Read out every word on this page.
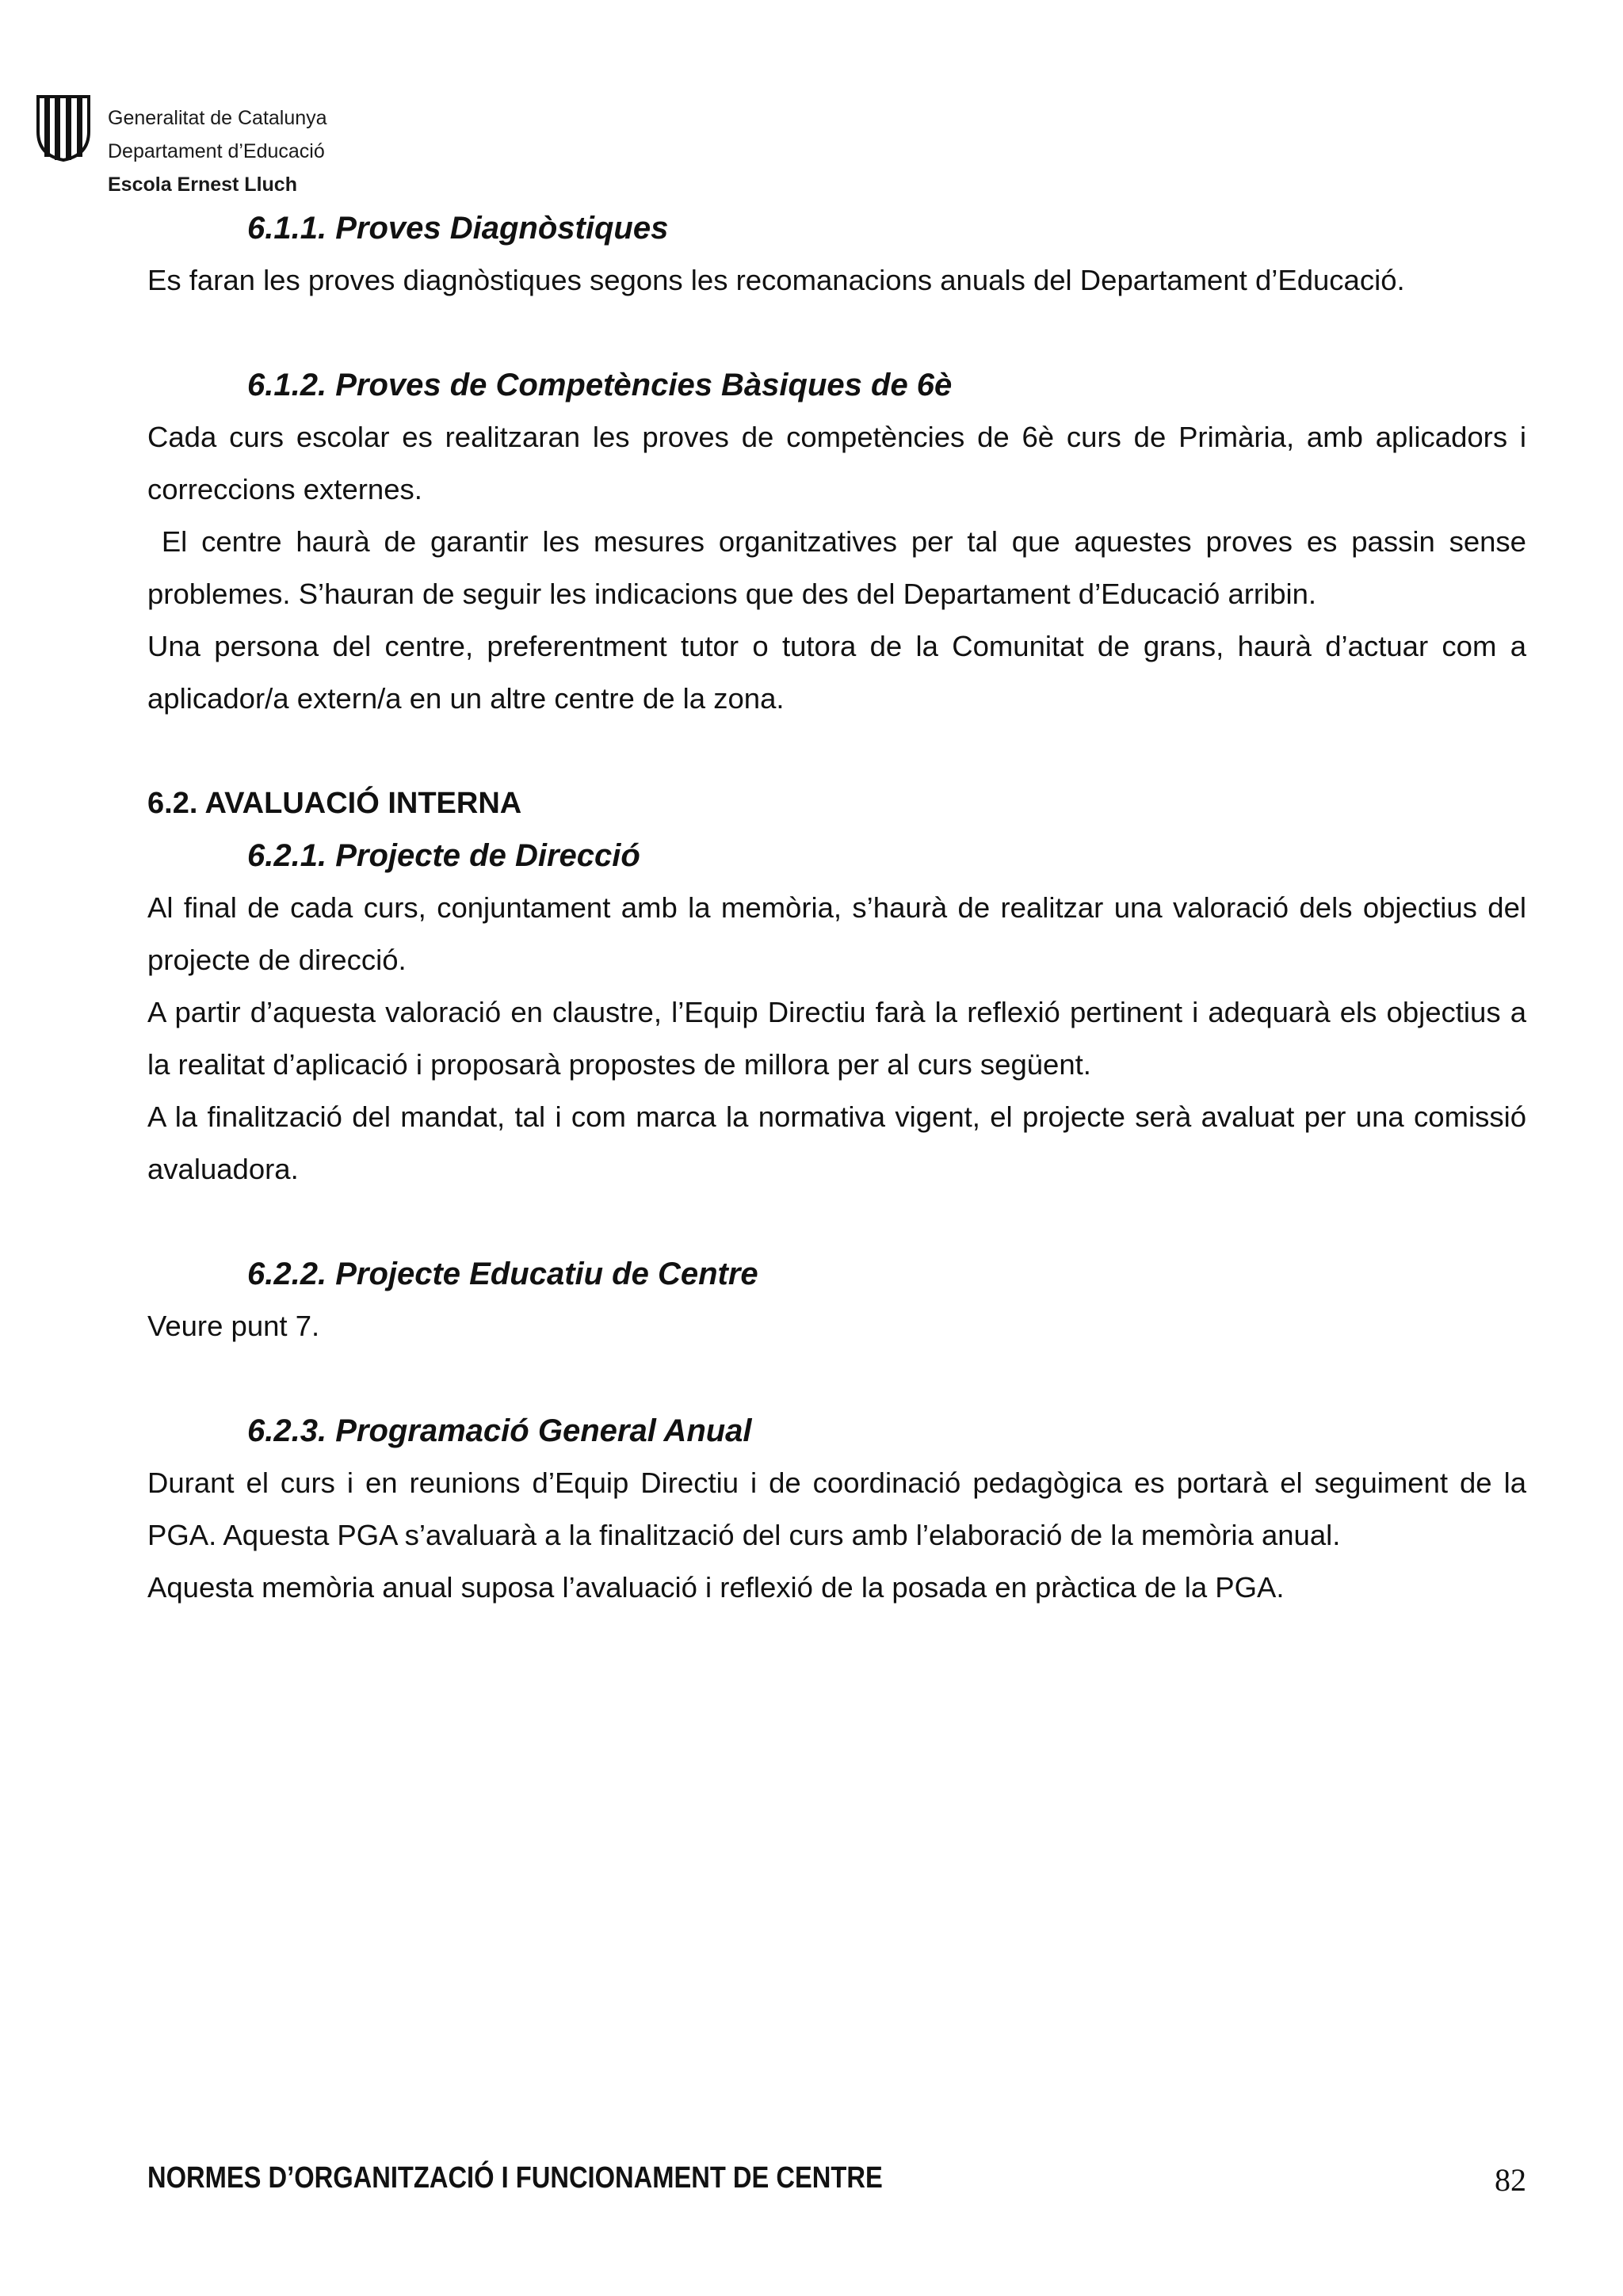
Generalitat de Catalunya
Departament d’Educació
Escola Ernest Lluch
6.1.1. Proves Diagnòstiques

Es faran les proves diagnòstiques segons les recomanacions anuals del Departament d’Educació.

6.1.2. Proves de Competències Bàsiques de 6è

Cada curs escolar es realitzaran les proves de competències de 6è curs de Primària, amb aplicadors i correccions externes.

El centre haurà de garantir les mesures organitzatives per tal que aquestes proves es passin sense problemes. S’hauran de seguir les indicacions que des del Departament d’Educació arribin.

Una persona del centre, preferentment tutor o tutora de la Comunitat de grans, haurà d’actuar com a aplicador/a extern/a en un altre centre de la zona.

6.2. AVALUACIÓ INTERNA
6.2.1. Projecte de Direcció

Al final de cada curs, conjuntament amb la memòria, s’haurà de realitzar una valoració dels objectius del projecte de direcció.

A partir d’aquesta valoració en claustre, l’Equip Directiu farà la reflexió pertinent i adequarà els objectius a la realitat d’aplicació i proposarà propostes de millora per al curs següent.

A la finalització del mandat, tal i com marca la normativa vigent, el projecte serà avaluat per una comissió avaluadora.

6.2.2. Projecte Educatiu de Centre

Veure punt 7.

6.2.3. Programació General Anual

Durant el curs i en reunions d’Equip Directiu i de coordinació pedagògica es portarà el seguiment de la PGA. Aquesta PGA s’avaluarà a la finalització del curs amb l’elaboració de la memòria anual.

Aquesta memòria anual suposa l’avaluació i reflexió de la posada en pràctica de la PGA.

NORMES D’ORGANITZACIÓ I FUNCIONAMENT DE CENTRE	82
